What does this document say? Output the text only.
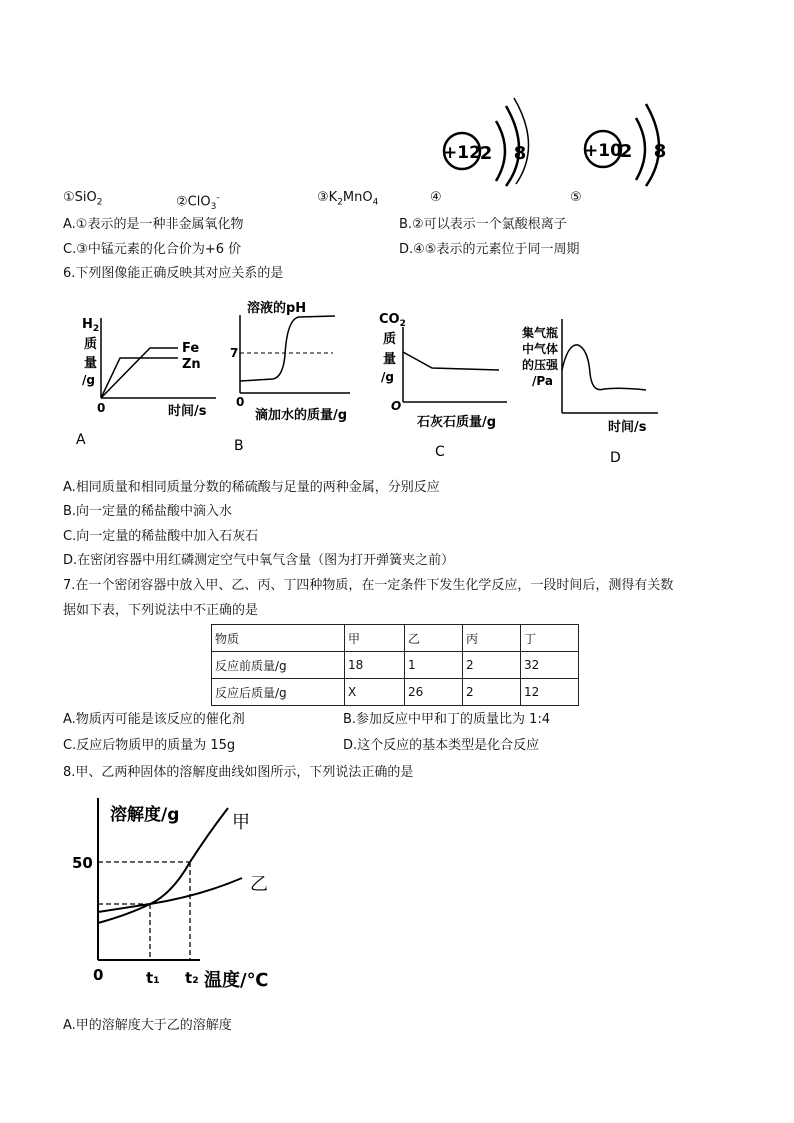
+12
2 8	+10
2 8
①SiO$_2$	②ClO$_3$-	$③K_2MnO_4$	④	⑤
A.①表示的是一种非金属氧化物	B.②可以表示一个氯酸根离子
C.③中锰元素的化合价为+6 价	D.④⑤表示的元素位于同一周期
6.下列图像能正确反映其对应关系的是
$H_2$
质
量
/g
Fe
Zn
0	时间/s
A
溶液的pH
7
0
滴加水的质量/g
B
$CO_2$
质
量
/g
O
石灰石质量/g
C
集气瓶
中气体
的压强
/Pa
时间/s
D
A.相同质量和相同质量分数的稀硫酸与足量的两种金属，分别反应
B.向一定量的稀盐酸中滴入水
C.向一定量的稀盐酸中加入石灰石
D.在密闭容器中用红磷测定空气中氧气含量（图为打开弹簧夹之前）
7.在一个密闭容器中放入甲、乙、丙、丁四种物质，在一定条件下发生化学反应，一段时间后，测得有关数
据如下表，下列说法中不正确的是
物质	甲	乙	丙	丁
反应前质量/g	18	1	2	32
反应后质量/g	X	26	2	12
A.物质丙可能是该反应的催化剂	B.参加反应中甲和丁的质量比为 1:4
C.反应后物质甲的质量为 15g	D.这个反应的基本类型是化合反应
8.甲、乙两种固体的溶解度曲线如图所示，下列说法正确的是
溶解度/g
温度/℃
0
50
t₁ t₂
甲
乙
A.甲的溶解度大于乙的溶解度
